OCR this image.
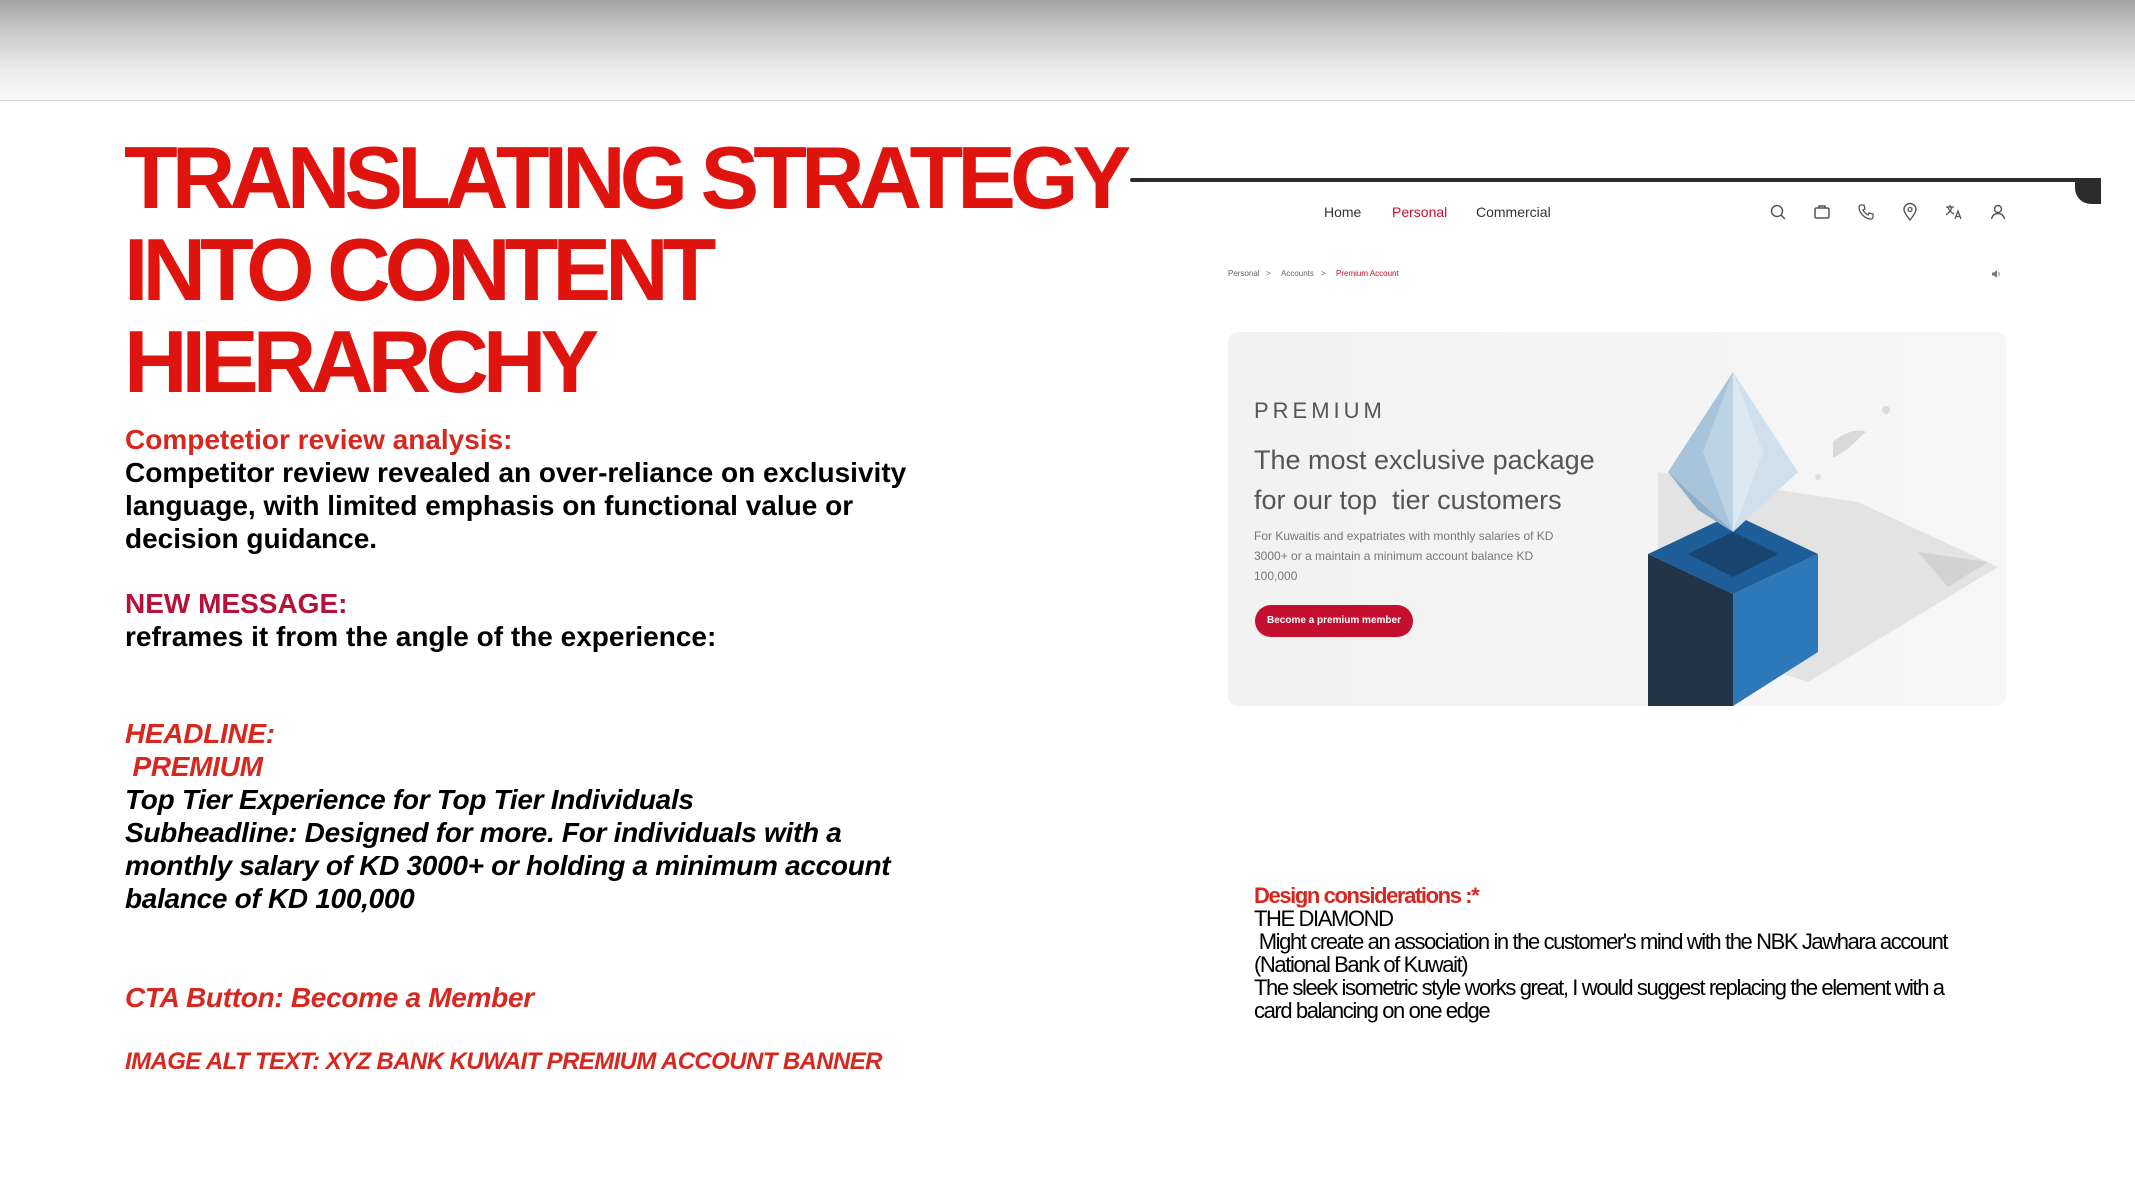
TRANSLATING STRATEGY
INTO CONTENT
HIERARCHY
Competetior review analysis:
Competitor review revealed an over-reliance on exclusivity
language, with limited emphasis on functional value or
decision guidance.
NEW MESSAGE:
reframes it from the angle of the experience:
HEADLINE:
PREMIUM
Top Tier Experience for Top Tier Individuals
Subheadline: Designed for more. For individuals with a
monthly salary of KD 3000+ or holding a minimum account
balance of KD 100,000
CTA Button: Become a Member
IMAGE ALT TEXT: XYZ BANK KUWAIT PREMIUM ACCOUNT BANNER
Home Personal Commercial
Personal > Accounts > Premium Account
PREMIUM
The most exclusive package
for our top  tier customers
For Kuwaitis and expatriates with monthly salaries of KD
3000+ or a maintain a minimum account balance KD
100,000
Become a premium member
Design considerations :*
THE DIAMOND
Might create an association in the customer's mind with the NBK Jawhara account
(National Bank of Kuwait)
The sleek isometric style works great, I would suggest replacing the element with a
card balancing on one edge
